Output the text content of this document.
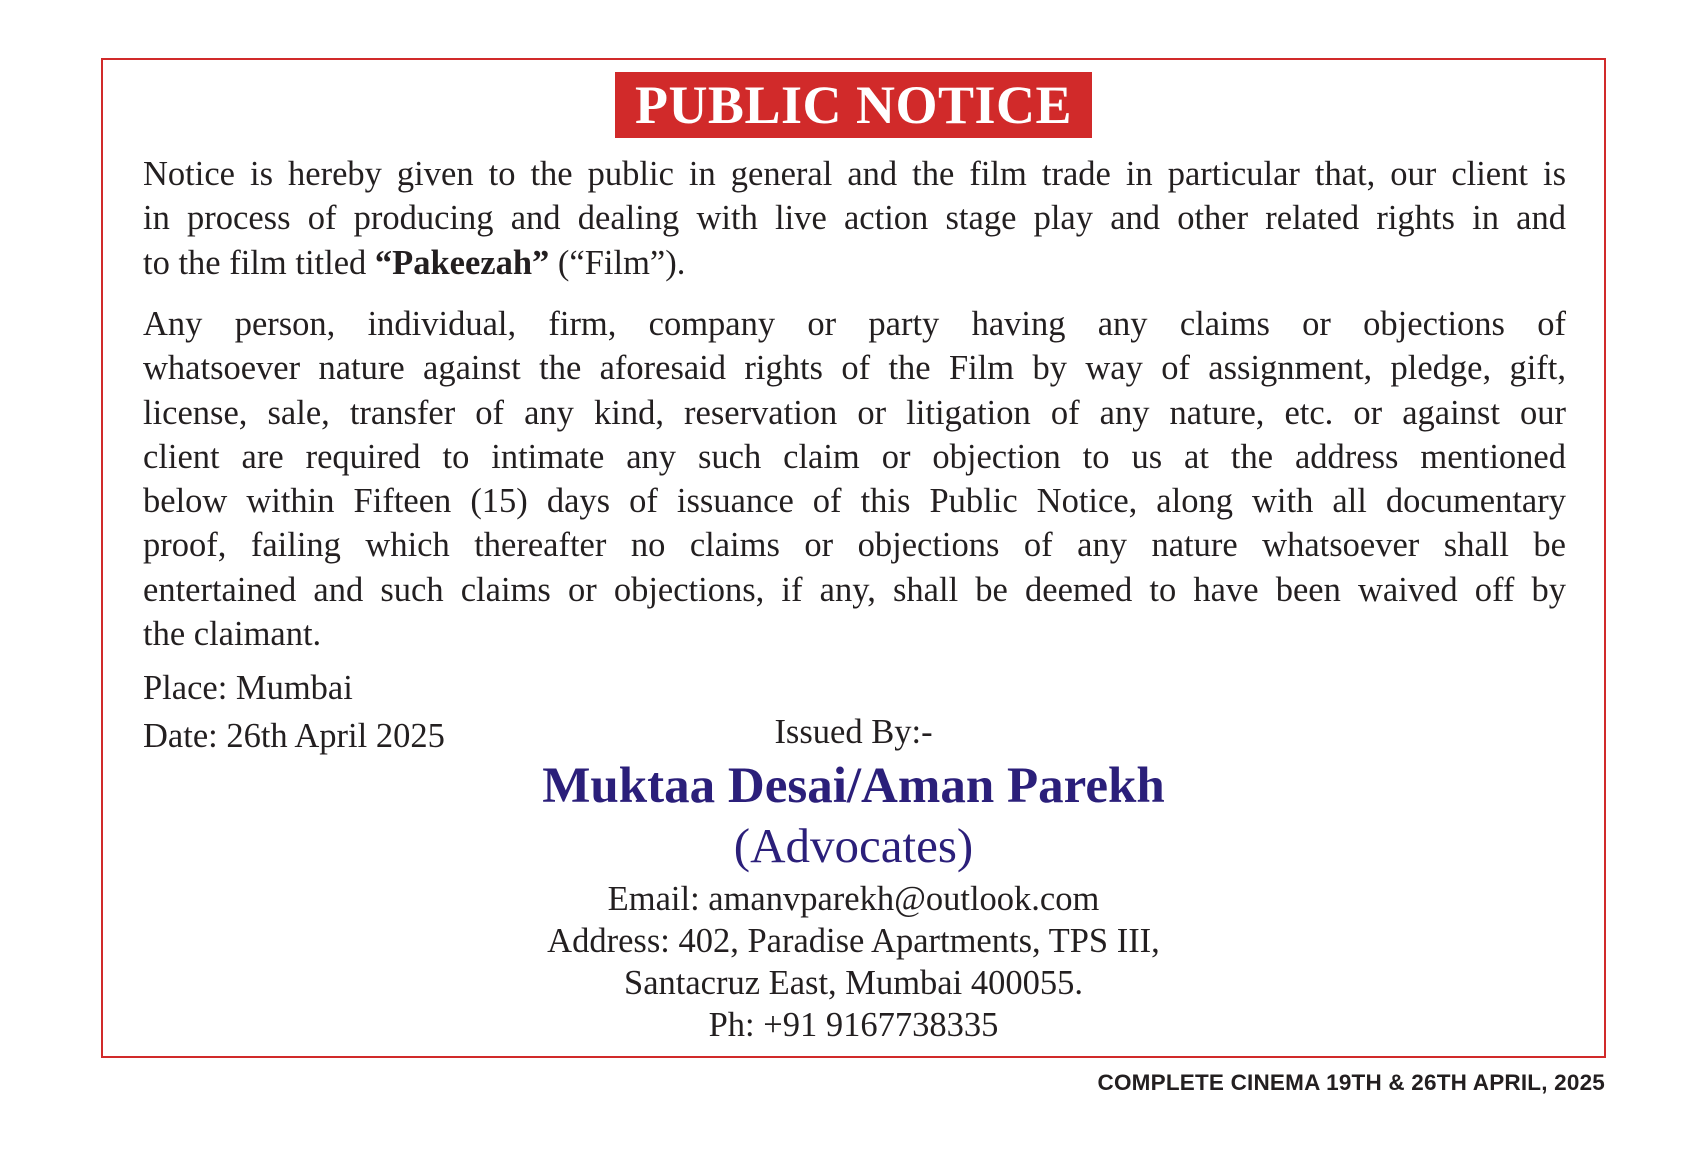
PUBLIC NOTICE

Notice is hereby given to the public in general and the film trade in particular that, our client is
in process of producing and dealing with live action stage play and other related rights in and
to the film titled “Pakeezah” (“Film”).

Any person, individual, firm, company or party having any claims or objections of
whatsoever nature against the aforesaid rights of the Film by way of assignment, pledge, gift,
license, sale, transfer of any kind, reservation or litigation of any nature, etc. or against our
client are required to intimate any such claim or objection to us at the address mentioned
below within Fifteen (15) days of issuance of this Public Notice, along with all documentary
proof, failing which thereafter no claims or objections of any nature whatsoever shall be
entertained and such claims or objections, if any, shall be deemed to have been waived off by
the claimant.

Place: Mumbai
Date: 26th April 2025	Issued By:-
Muktaa Desai/Aman Parekh
(Advocates)
Email: amanvparekh@outlook.com
Address: 402, Paradise Apartments, TPS III,
Santacruz East, Mumbai 400055.
Ph: +91 9167738335
COMPLETE CINEMA 19TH & 26TH APRIL, 2025
